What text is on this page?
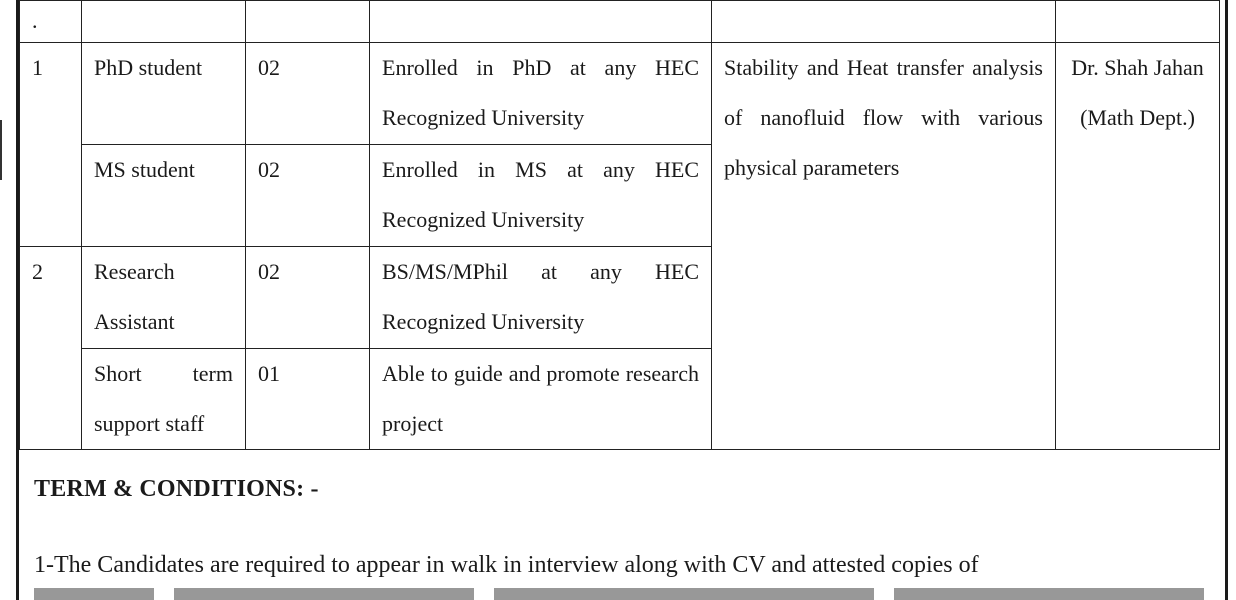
.					
1	PhD student	02	Enrolled in PhD at any HEC Recognized University	Stability and Heat transfer analysis of nanofluid flow with various physical parameters	Dr. Shah Jahan (Math Dept.)
	MS student	02	Enrolled in MS at any HEC Recognized University		
2	Research Assistant	02	BS/MS/MPhil at any HEC Recognized University		
	Short term support staff	01	Able to guide and promote research project		
TERM & CONDITIONS: -
1-The Candidates are required to appear in walk in interview along with CV and attested copies of
